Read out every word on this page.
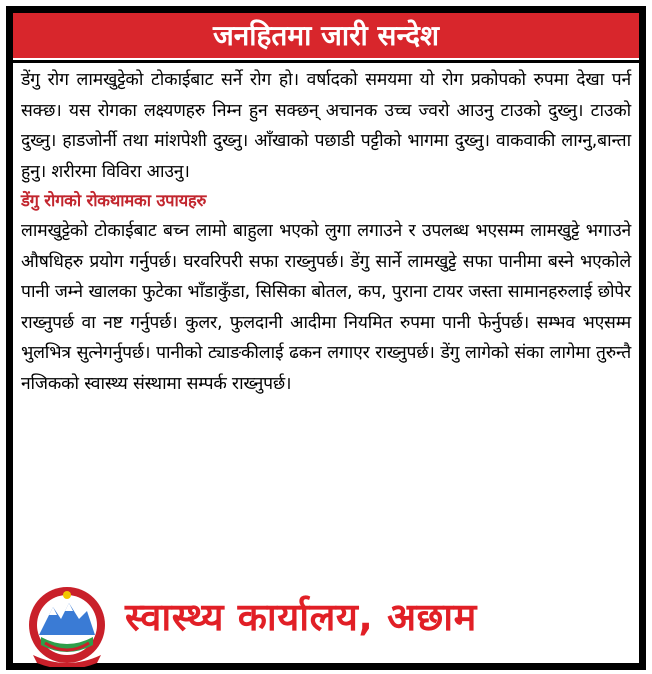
जनहितमा जारी सन्देश
डेंगु रोग लामखुट्टेको टोकाईबाट सर्ने रोग हो। वर्षादको समयमा यो रोग प्रकोपको रुपमा देखा पर्न सक्छ। यस रोगका लक्ष्यणहरु निम्न हुन सक्छन् अचानक उच्च ज्वरो आउनु टाउको दुख्नु। टाउको दुख्नु। हाडजोर्नी तथा मांशपेशी दुख्नु। आँखाको पछाडी पट्टीको भागमा दुख्नु। वाकवाकी लाग्नु,बान्ता हुनु। शरीरमा विविरा आउनु।
डेंगु रोगको रोकथामका उपायहरु
लामखुट्टेको टोकाईबाट बच्न लामो बाहुला भएको लुगा लगाउने र उपलब्ध भएसम्म लामखुट्टे भगाउने औषधिहरु प्रयोग गर्नुपर्छ। घरवरिपरी सफा राख्नुपर्छ। डेंगु सार्ने लामखुट्टे सफा पानीमा बस्ने भएकोले पानी जम्ने खालका फुटेका भाँडाकुँडा, सिसिका बोतल, कप, पुराना टायर जस्ता सामानहरुलाई छोपेर राख्नुपर्छ वा नष्ट गर्नुपर्छ। कुलर, फुलदानी आदीमा नियमित रुपमा पानी फेर्नुपर्छ। सम्भव भएसम्म भुलभित्र सुत्नेगर्नुपर्छ। पानीको ट्याङकीलाई ढकन लगाएर राख्नुपर्छ। डेंगु लागेको संका लागेमा तुरुन्तै नजिकको स्वास्थ्य संस्थामा सम्पर्क राख्नुपर्छ।
स्वास्थ्य कार्यालय, अछाम
